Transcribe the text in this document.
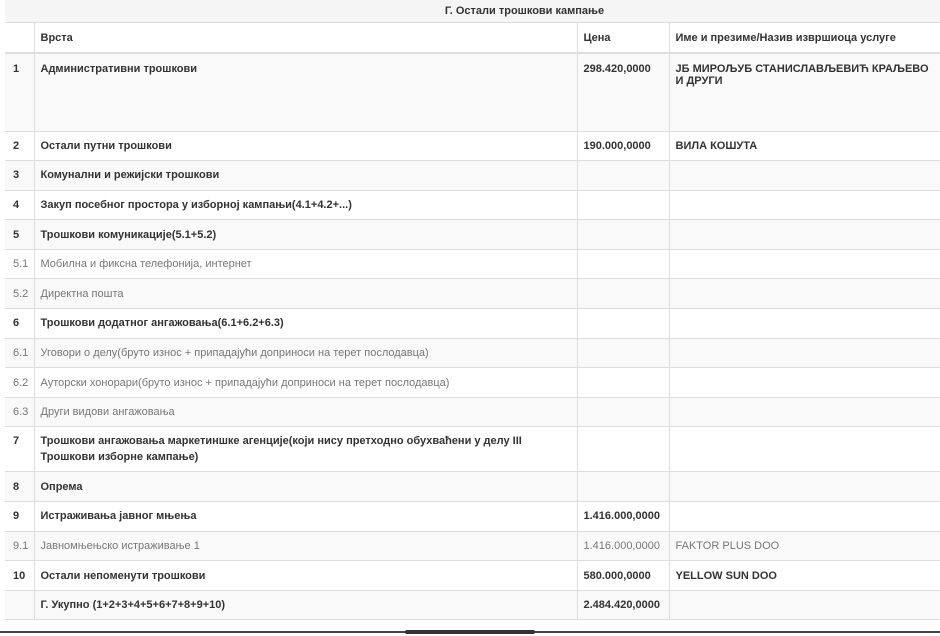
Г. Остали трошкови кампање
	Врста	Цена	Име и презиме/Назив извршиоца услуге
1	Административни трошкови	298.420,0000	ЈБ МИРОЉУБ СТАНИСЛАВЉЕВИЋ КРАЉЕВО И ДРУГИ
2	Остали путни трошкови	190.000,0000	ВИЛА КОШУТА
3	Комунални и режијски трошкови		
4	Закуп посебног простора у изборној кампањи(4.1+4.2+...)		
5	Трошкови комуникације(5.1+5.2)		
5.1	Мобилна и фиксна телефонија, интернет		
5.2	Директна пошта		
6	Трошкови додатног ангажовања(6.1+6.2+6.3)		
6.1	Уговори о делу(бруто износ + припадајући доприноси на терет послодавца)		
6.2	Ауторски хонорари(бруто износ + припадајући доприноси на терет послодавца)		
6.3	Други видови ангажовања		
7	Трошкови ангажовања маркетиншке агенције(који нису претходно обухваћени у делу III Трошкови изборне кампање)		
8	Опрема		
9	Истраживања јавног мњења	1.416.000,0000	
9.1	Јавномњењско истраживање 1	1.416.000,0000	FAKTOR PLUS DOO
10	Остали непоменути трошкови	580.000,0000	YELLOW SUN DOO
	Г. Укупно (1+2+3+4+5+6+7+8+9+10)	2.484.420,0000	
